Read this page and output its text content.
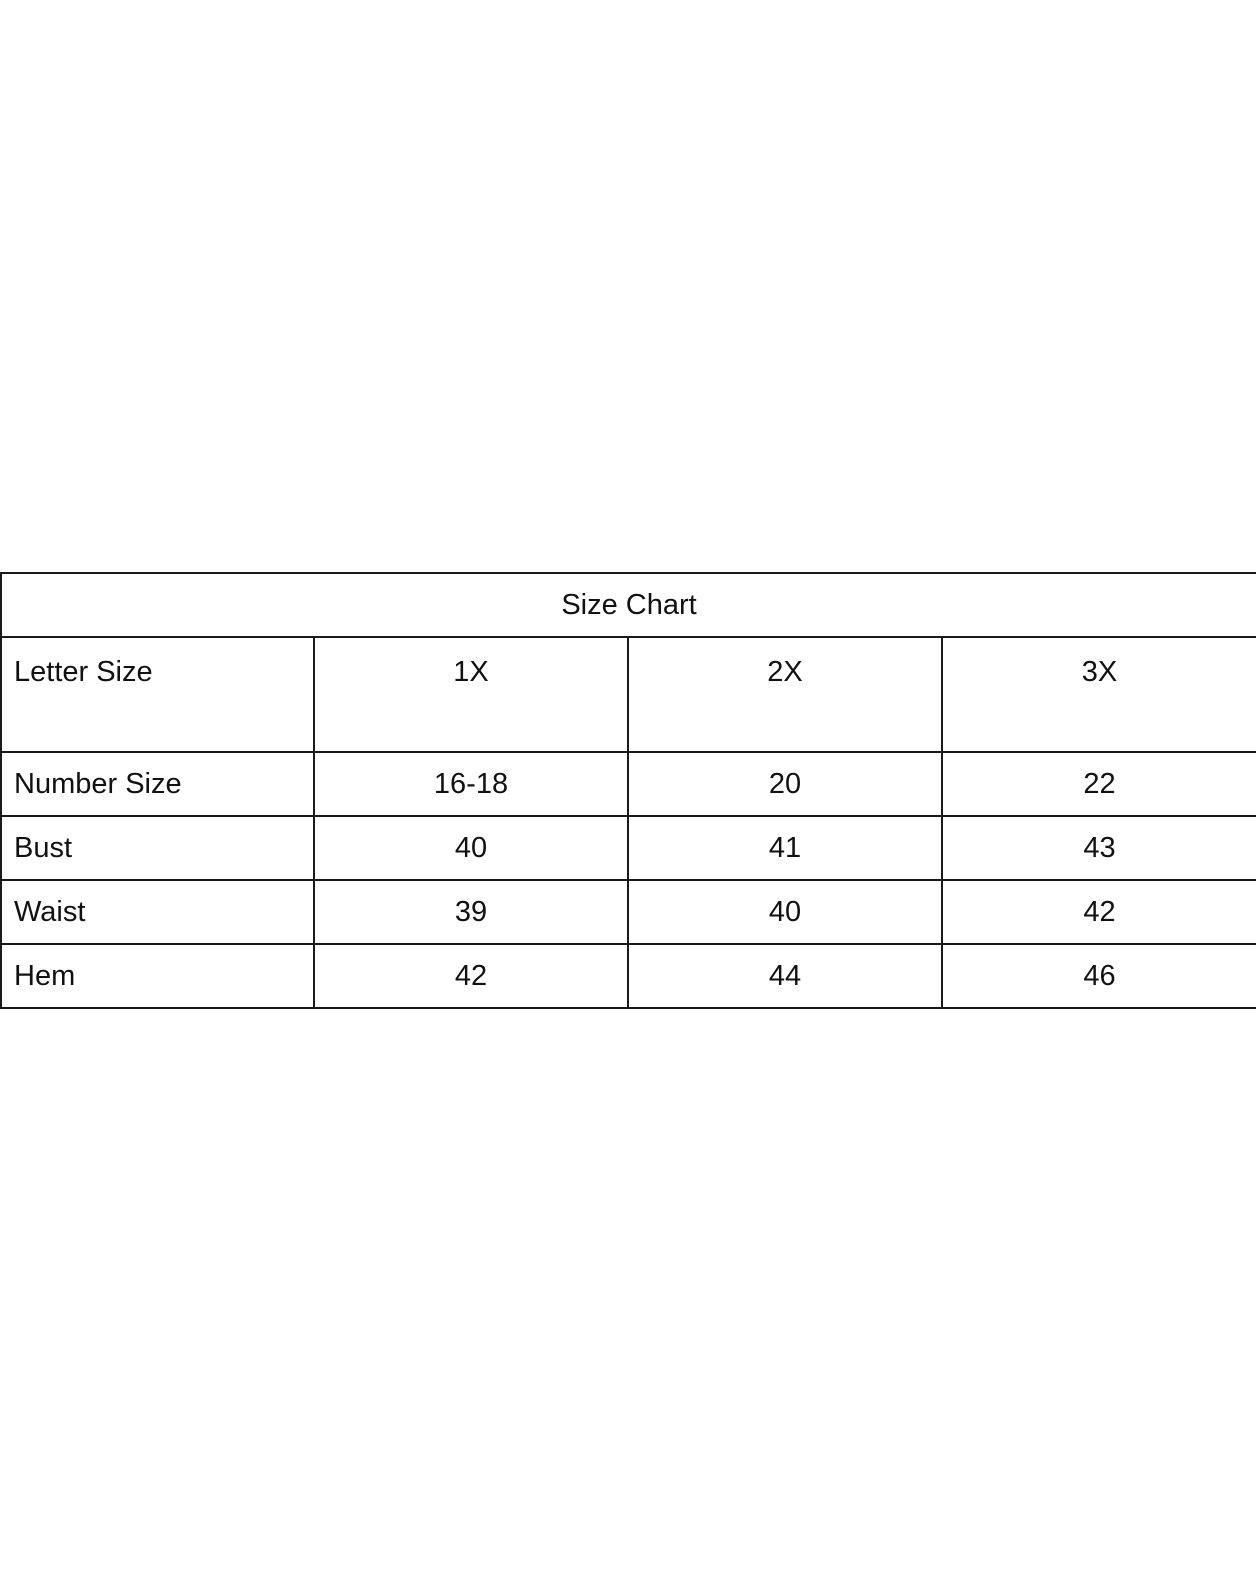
Size Chart			
Letter Size	1X	2X	3X
Number Size	16-18	20	22
Bust	40	41	43
Waist	39	40	42
Hem	42	44	46
